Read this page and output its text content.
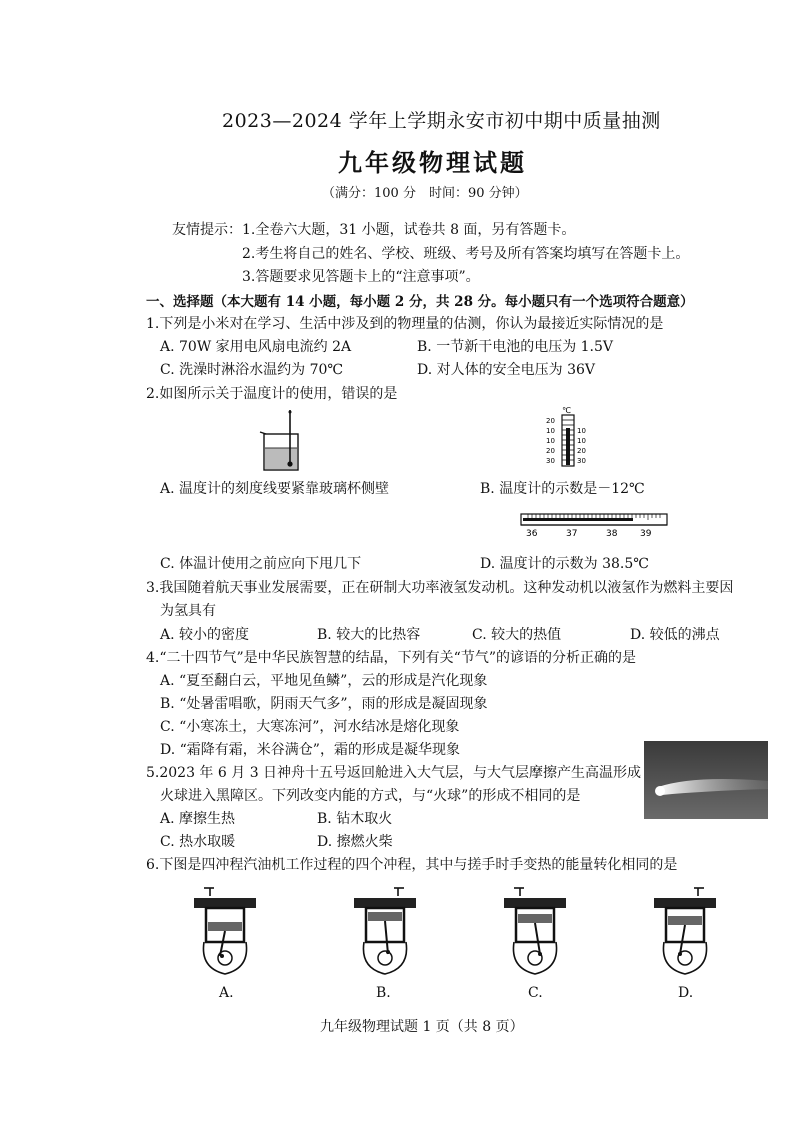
2023—2024 学年上学期永安市初中期中质量抽测
九年级物理试题
（满分：100 分　时间：90 分钟）
友情提示：1.全卷六大题，31 小题，试卷共 8 面，另有答题卡。
2.考生将自己的姓名、学校、班级、考号及所有答案均填写在答题卡上。
3.答题要求见答题卡上的“注意事项”。
一、选择题（本大题有 14 小题，每小题 2 分，共 28 分。每小题只有一个选项符合题意）
1.下列是小米对在学习、生活中涉及到的物理量的估测，你认为最接近实际情况的是
A. 70W 家用电风扇电流约 2A	B. 一节新干电池的电压为 1.5V
C. 洗澡时淋浴水温约为 70℃	D. 对人体的安全电压为 36V
2.如图所示关于温度计的使用，错误的是
℃
20
10
10
20
30
10
10
20
30
A. 温度计的刻度线要紧靠玻璃杯侧壁	B. 温度计的示数是－12℃
36	37	38	39
C. 体温计使用之前应向下甩几下	D. 温度计的示数为 38.5℃
3.我国随着航天事业发展需要，正在研制大功率液氢发动机。这种发动机以液氢作为燃料主要因
为氢具有
A. 较小的密度	B. 较大的比热容	C. 较大的热值	D. 较低的沸点
4.“二十四节气”是中华民族智慧的结晶，下列有关“节气”的谚语的分析正确的是
A. “夏至翻白云，平地见鱼鳞”，云的形成是汽化现象
B. “处暑雷唱歌，阴雨天气多”，雨的形成是凝固现象
C. “小寒冻土，大寒冻河”，河水结冰是熔化现象
D. “霜降有霜，米谷满仓”，霜的形成是凝华现象
5.2023 年 6 月 3 日神舟十五号返回舱进入大气层，与大气层摩擦产生高温形成
火球进入黑障区。下列改变内能的方式，与“火球”的形成不相同的是
A. 摩擦生热	B. 钻木取火
C. 热水取暖	D. 擦燃火柴
6.下图是四冲程汽油机工作过程的四个冲程，其中与搓手时手变热的能量转化相同的是
A.	B.	C.	D.
九年级物理试题 1 页（共 8 页）
